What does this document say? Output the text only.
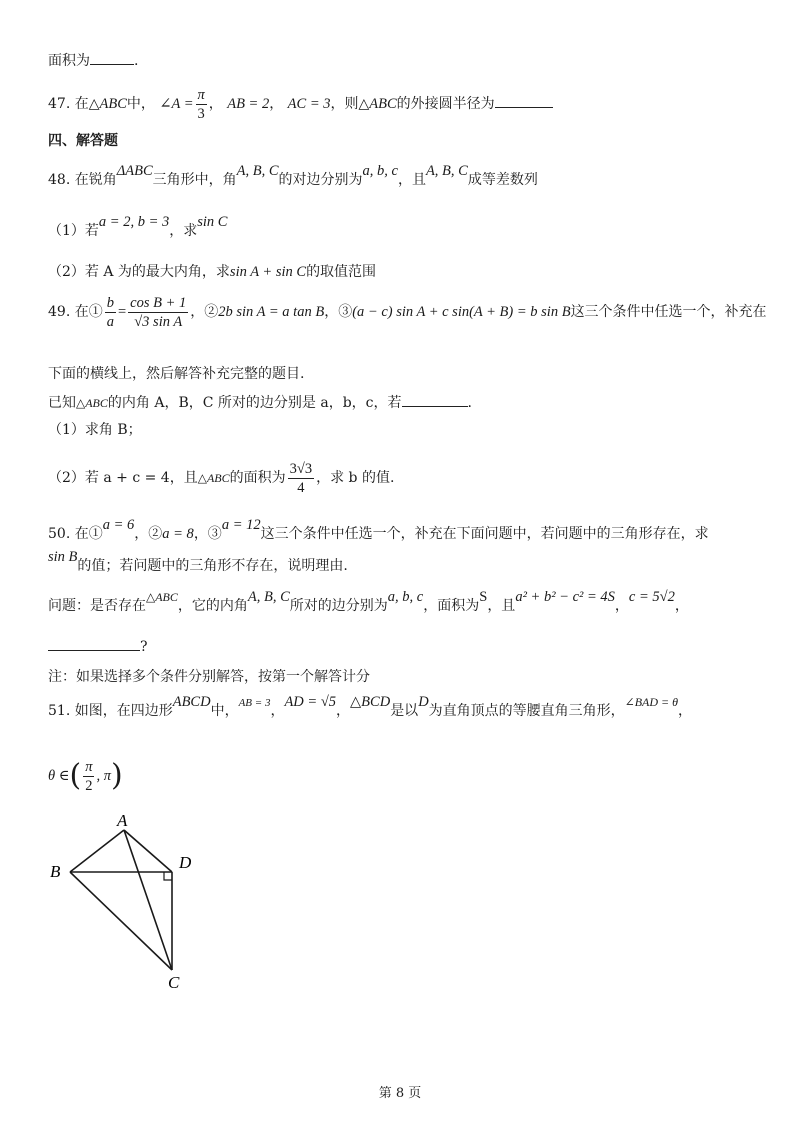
面积为	.
47. 在△ABC中， ∠A = $\frac{\pi}{3}$ ， AB = 2， AC = 3，则△ABC的外接圆半径为
四、解答题
48. 在锐角ΔABC三角形中，角A, B, C的对边分别为a, b, c，且A, B, C成等差数列
（1）若a = 2, b = 3，求sin C
（2）若 A 为的最大内角，求sin A + sin C的取值范围
49. 在① $\frac{b}{a} = \frac{\text{cos B + 1}}{\text{√3 sin A}}$ ，②2b sin A = a tan B，③(a − c) sin A + c sin(A + B) = b sin B这三个条件中任选一个，补充在
下面的横线上，然后解答补充完整的题目.
已知△ABC的内角 A，B，C 所对的边分别是 a，b，c，若	.
（1）求角 B；
（2）若 a + c = 4，且△ABC的面积为 $\frac{3√3}{4}$ ，求 b 的值.
50. 在①a = 6，②a = 8，③a = 12这三个条件中任选一个，补充在下面问题中，若问题中的三角形存在，求
sin B的值；若问题中的三角形不存在，说明理由.
问题：是否存在△ABC，它的内角A, B, C所对的边分别为a, b, c，面积为S，且a² + b² − c² = 4S，c = 5√2，
?
注：如果选择多个条件分别解答，按第一个解答计分
51. 如图，在四边形ABCD中，$^{AB = 3}$，AD = √5，△BCD是以D为直角顶点的等腰直角三角形，∠BAD = θ，
θ ∈( $\frac{\pi}{2}$ , π)
A
B
C
D
第 8 页
